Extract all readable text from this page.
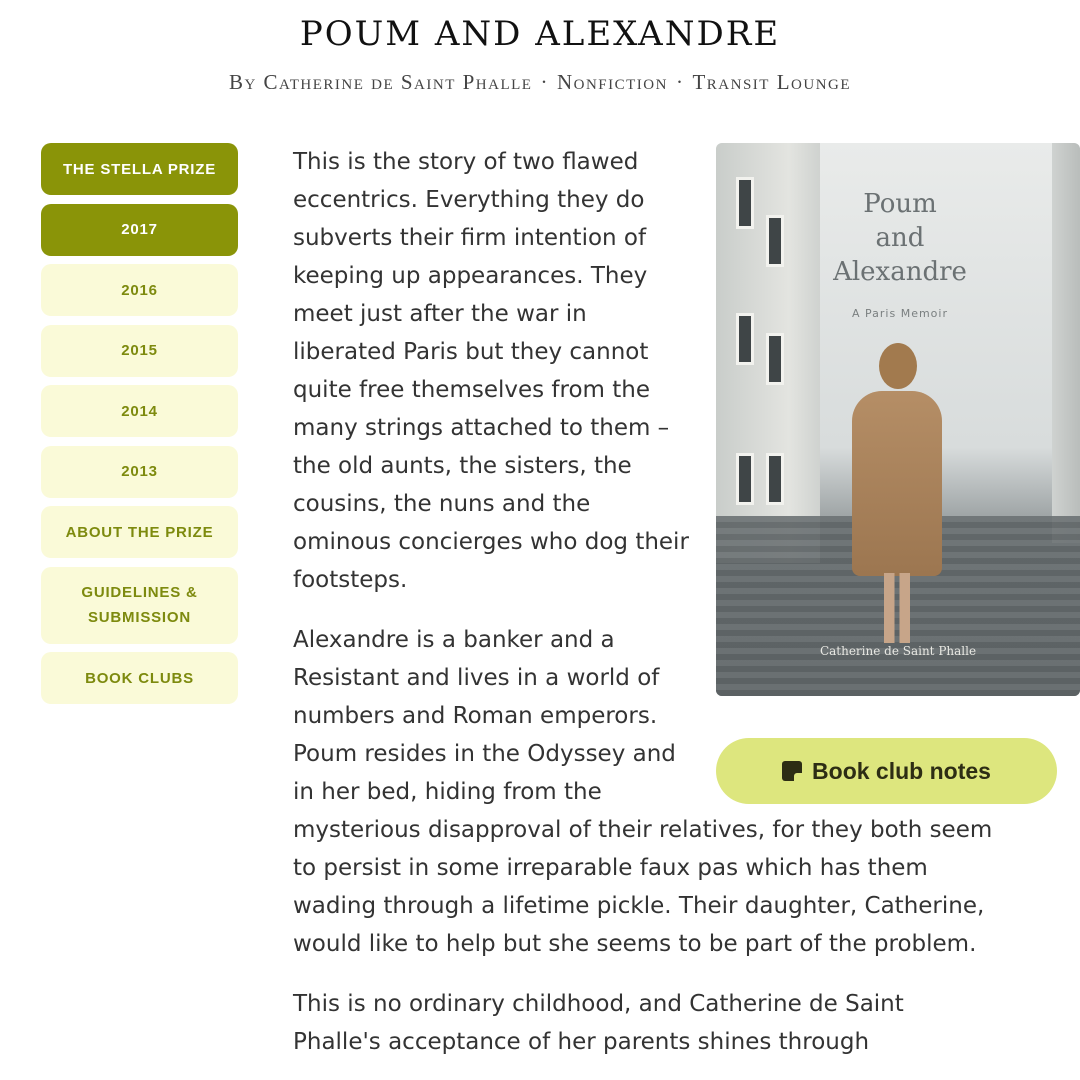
POUM AND ALEXANDRE
By Catherine de Saint Phalle · Nonfiction · Transit Lounge
THE STELLA PRIZE
2017
2016
2015
2014
2013
ABOUT THE PRIZE
GUIDELINES & SUBMISSION
BOOK CLUBS
Poum
and
Alexandre
A Paris Memoir
Catherine de Saint Phalle
Book club notes

This is the story of two flawed eccentrics. Everything they do subverts their firm intention of keeping up appearances. They meet just after the war in liberated Paris but they cannot quite free themselves from the many strings attached to them – the old aunts, the sisters, the cousins, the nuns and the ominous concierges who dog their footsteps.

Alexandre is a banker and a Resistant and lives in a world of numbers and Roman emperors. Poum resides in the Odyssey and in her bed, hiding from the mysterious disapproval of their relatives, for they both seem to persist in some irreparable faux pas which has them wading through a lifetime pickle. Their daughter, Catherine, would like to help but she seems to be part of the problem.

This is no ordinary childhood, and Catherine de Saint Phalle's acceptance of her parents shines through
